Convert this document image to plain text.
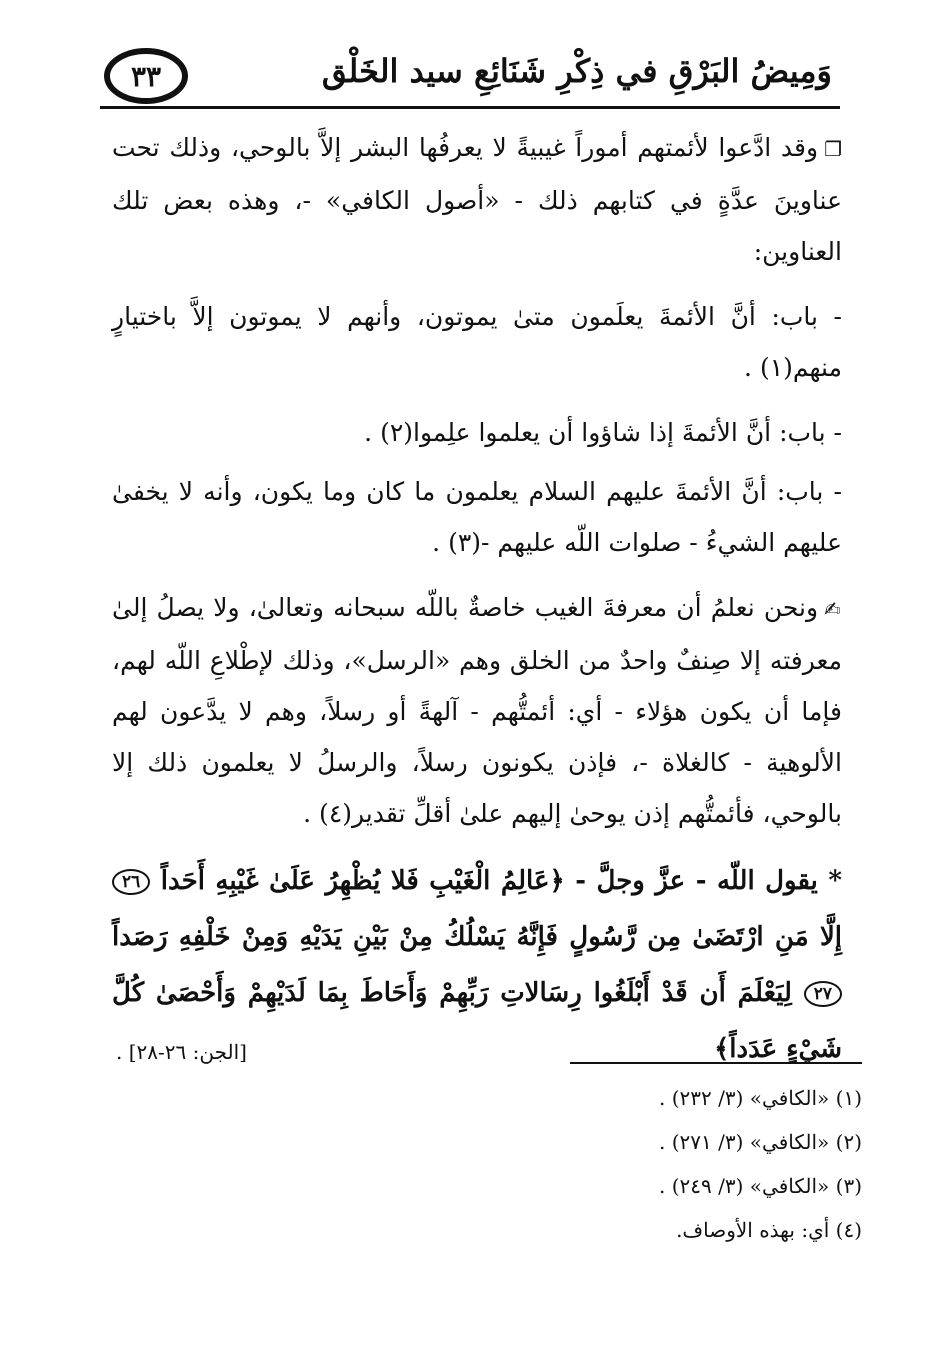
٣٣	وَمِيضُ البَرْقِ في ذِكْرِ شَنَائِعِ سيد الخَلْق

❐وقد ادَّعوا لأئمتهم أموراً غيبيةً لا يعرفُها البشر إلاَّ بالوحي، وذلك تحت عناوينَ عدَّةٍ في كتابهم ذلك - «أصول الكافي» -، وهذه بعض تلك العناوين:

- باب: أنَّ الأئمةَ يعلَمون متىٰ يموتون، وأنهم لا يموتون إلاَّ باختيارٍ منهم(١) .

- باب: أنَّ الأئمةَ إذا شاؤوا أن يعلموا علِموا(٢) .

- باب: أنَّ الأئمةَ عليهم السلام يعلمون ما كان وما يكون، وأنه لا يخفىٰ عليهم الشيءُ - صلوات اللّه عليهم -(٣) .

✍ونحن نعلمُ أن معرفةَ الغيب خاصةٌ باللّه سبحانه وتعالىٰ، ولا يصلُ إلىٰ معرفته إلا صِنفٌ واحدٌ من الخلق وهم «الرسل»، وذلك لإطْلاعِ اللّه لهم، فإما أن يكون هؤلاء - أي: أئمتُّهم - آلهةً أو رسلاً، وهم لا يدَّعون لهم الألوهية - كالغلاة -، فإذن يكونون رسلاً، والرسلُ لا يعلمون ذلك إلا بالوحي، فأئمتُّهم إذن يوحىٰ إليهم علىٰ أقلِّ تقدير(٤) .

* يقول اللّه - عزَّ وجلَّ - ﴿عَالِمُ الْغَيْبِ فَلا يُظْهِرُ عَلَىٰ غَيْبِهِ أَحَداً ٢٦ إِلَّا مَنِ ارْتَضَىٰ مِن رَّسُولٍ فَإِنَّهُ يَسْلُكُ مِنْ بَيْنِ يَدَيْهِ وَمِنْ خَلْفِهِ رَصَداً ٢٧ لِيَعْلَمَ أَن قَدْ أَبْلَغُوا رِسَالاتِ رَبِّهِمْ وَأَحَاطَ بِمَا لَدَيْهِمْ وَأَحْصَىٰ كُلَّ شَيْءٍ عَدَداً﴾

[الجن: ٢٦-٢٨] .
(١) «الكافي» (٣/ ٢٣٢) .
(٢) «الكافي» (٣/ ٢٧١) .
(٣) «الكافي» (٣/ ٢٤٩) .
(٤) أي: بهذه الأوصاف.
